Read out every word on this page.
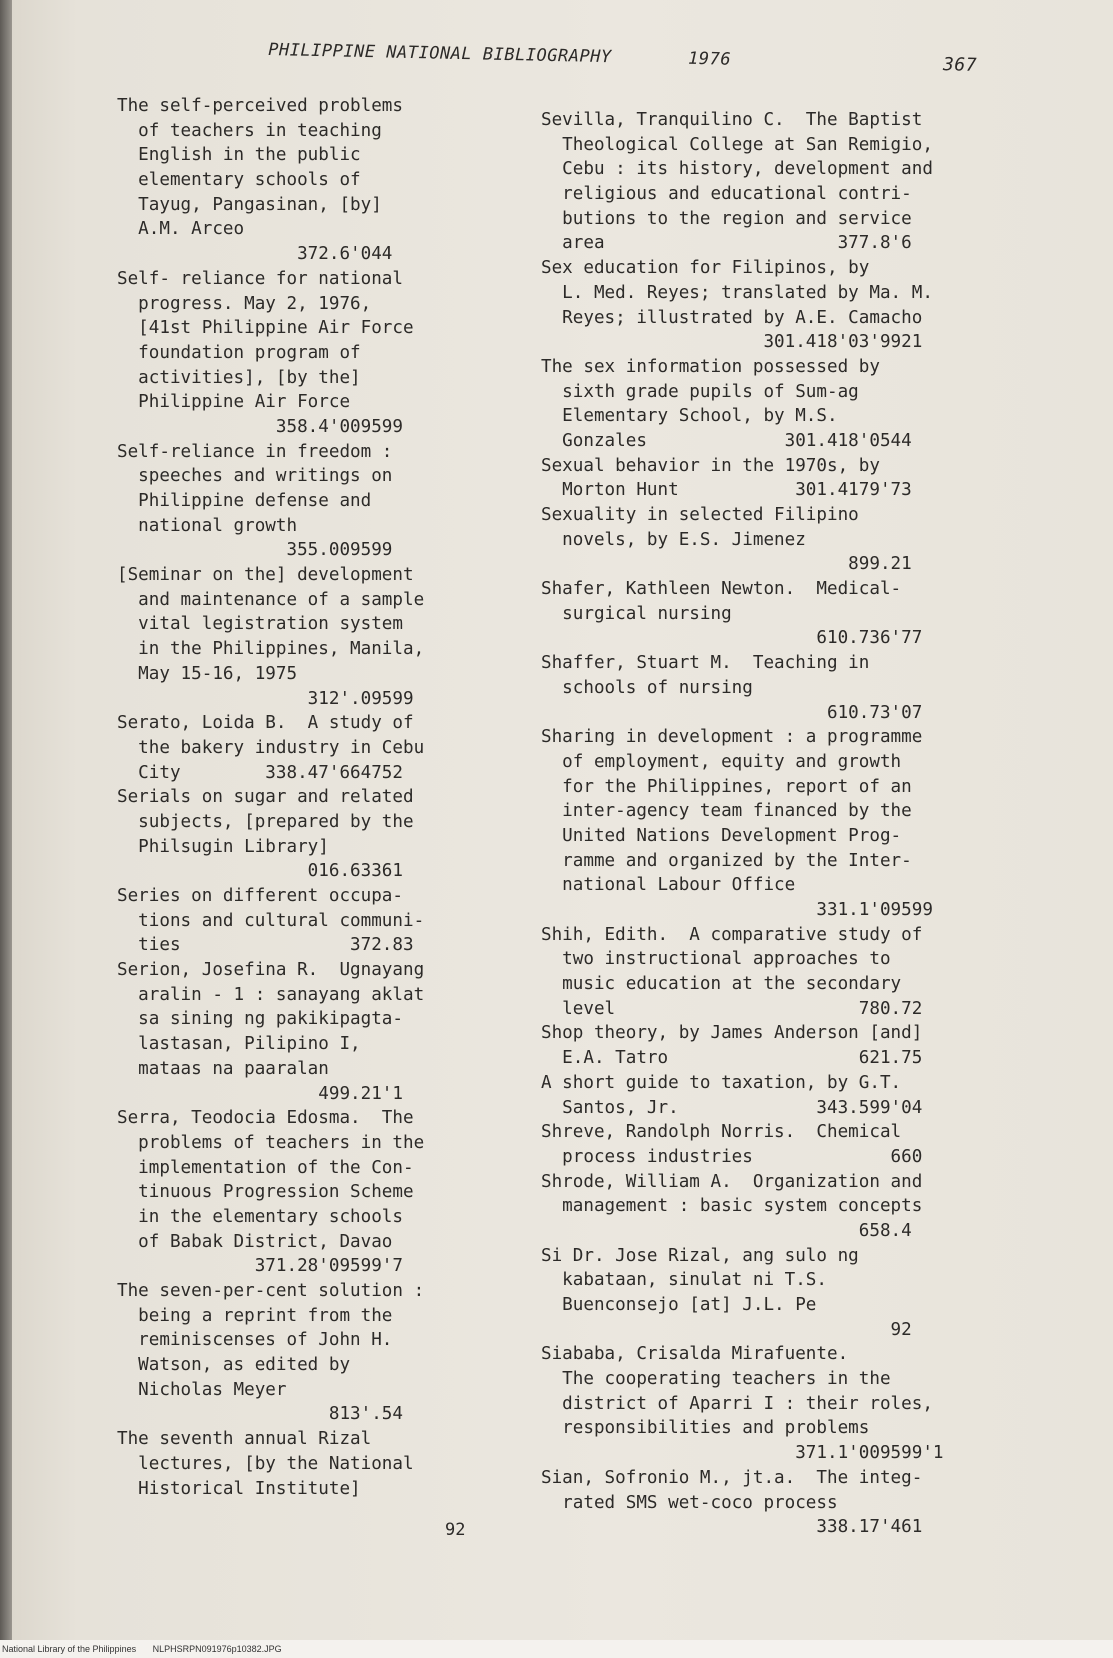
PHILIPPINE NATIONAL BIBLIOGRAPHY	1976	367
The self-perceived problems
of teachers in teaching
English in the public
elementary schools of
Tayug, Pangasinan, [by]
A.M. Arceo
372.6'044
Self- reliance for national
progress. May 2, 1976,
[41st Philippine Air Force
foundation program of
activities], [by the]
Philippine Air Force
358.4'009599
Self-reliance in freedom :
speeches and writings on
Philippine defense and
national growth
355.009599
[Seminar on the] development
and maintenance of a sample
vital legistration system
in the Philippines, Manila,
May 15-16, 1975
312'.09599
Serato, Loida B.  A study of
the bakery industry in Cebu
City        338.47'664752
Serials on sugar and related
subjects, [prepared by the
Philsugin Library]
016.63361
Series on different occupa-
tions and cultural communi-
ties                372.83
Serion, Josefina R.  Ugnayang
aralin - 1 : sanayang aklat
sa sining ng pakikipagta-
lastasan, Pilipino I,
mataas na paaralan
499.21'1
Serra, Teodocia Edosma.  The
problems of teachers in the
implementation of the Con-
tinuous Progression Scheme
in the elementary schools
of Babak District, Davao
371.28'09599'7
The seven-per-cent solution :
being a reprint from the
reminiscenses of John H.
Watson, as edited by
Nicholas Meyer
813'.54
The seventh annual Rizal
lectures, [by the National
Historical Institute]
Sevilla, Tranquilino C.  The Baptist
Theological College at San Remigio,
Cebu : its history, development and
religious and educational contri-
butions to the region and service
area                      377.8'6
Sex education for Filipinos, by
L. Med. Reyes; translated by Ma. M.
Reyes; illustrated by A.E. Camacho
301.418'03'9921
The sex information possessed by
sixth grade pupils of Sum-ag
Elementary School, by M.S.
Gonzales             301.418'0544
Sexual behavior in the 1970s, by
Morton Hunt           301.4179'73
Sexuality in selected Filipino
novels, by E.S. Jimenez
899.21
Shafer, Kathleen Newton.  Medical-
surgical nursing
610.736'77
Shaffer, Stuart M.  Teaching in
schools of nursing
610.73'07
Sharing in development : a programme
of employment, equity and growth
for the Philippines, report of an
inter-agency team financed by the
United Nations Development Prog-
ramme and organized by the Inter-
national Labour Office
331.1'09599
Shih, Edith.  A comparative study of
two instructional approaches to
music education at the secondary
level                       780.72
Shop theory, by James Anderson [and]
E.A. Tatro                  621.75
A short guide to taxation, by G.T.
Santos, Jr.             343.599'04
Shreve, Randolph Norris.  Chemical
process industries             660
Shrode, William A.  Organization and
management : basic system concepts
658.4
Si Dr. Jose Rizal, ang sulo ng
kabataan, sinulat ni T.S.
Buenconsejo [at] J.L. Pe
92
Siababa, Crisalda Mirafuente.
The cooperating teachers in the
district of Aparri I : their roles,
responsibilities and problems
371.1'009599'1
Sian, Sofronio M., jt.a.  The integ-
rated SMS wet-coco process
338.17'461
92
National Library of the Philippines NLPHSRPN091976p10382.JPG
